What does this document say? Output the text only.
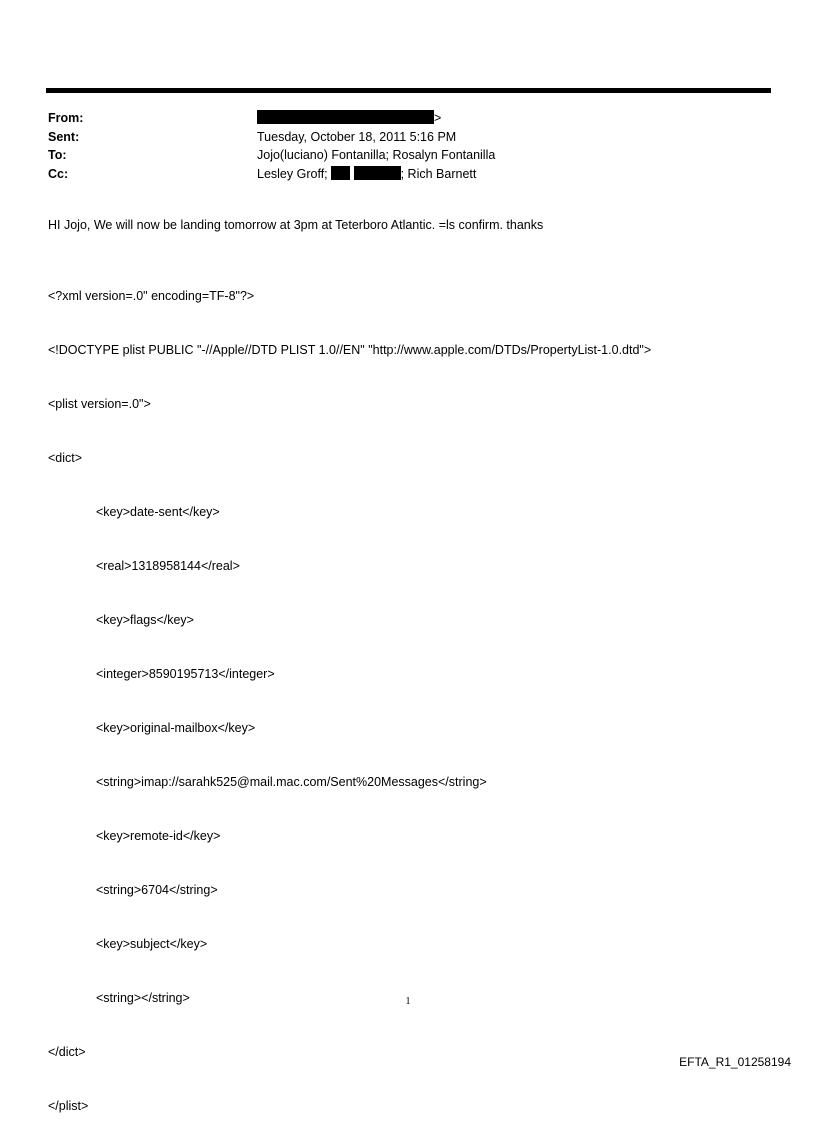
From:	>
Sent:	Tuesday, October 18, 2011 5:16 PM
To:	Jojo(luciano) Fontanilla; Rosalyn Fontanilla
Cc:	Lesley Groff;	; Rich Barnett
HI Jojo, We will now be landing tomorrow at 3pm at Teterboro Atlantic. =ls confirm. thanks

<?xml version=.0" encoding=TF-8"?>

<!DOCTYPE plist PUBLIC "-//Apple//DTD PLIST 1.0//EN" "http://www.apple.com/DTDs/PropertyList-1.0.dtd">

<plist version=.0">

<dict>

<key>date-sent</key>

<real>1318958144</real>

<key>flags</key>

<integer>8590195713</integer>

<key>original-mailbox</key>

<string>imap://sarahk525@mail.mac.com/Sent%20Messages</string>

<key>remote-id</key>

<string>6704</string>

<key>subject</key>

<string></string>

</dict>

</plist>

1
EFTA_R1_01258194
